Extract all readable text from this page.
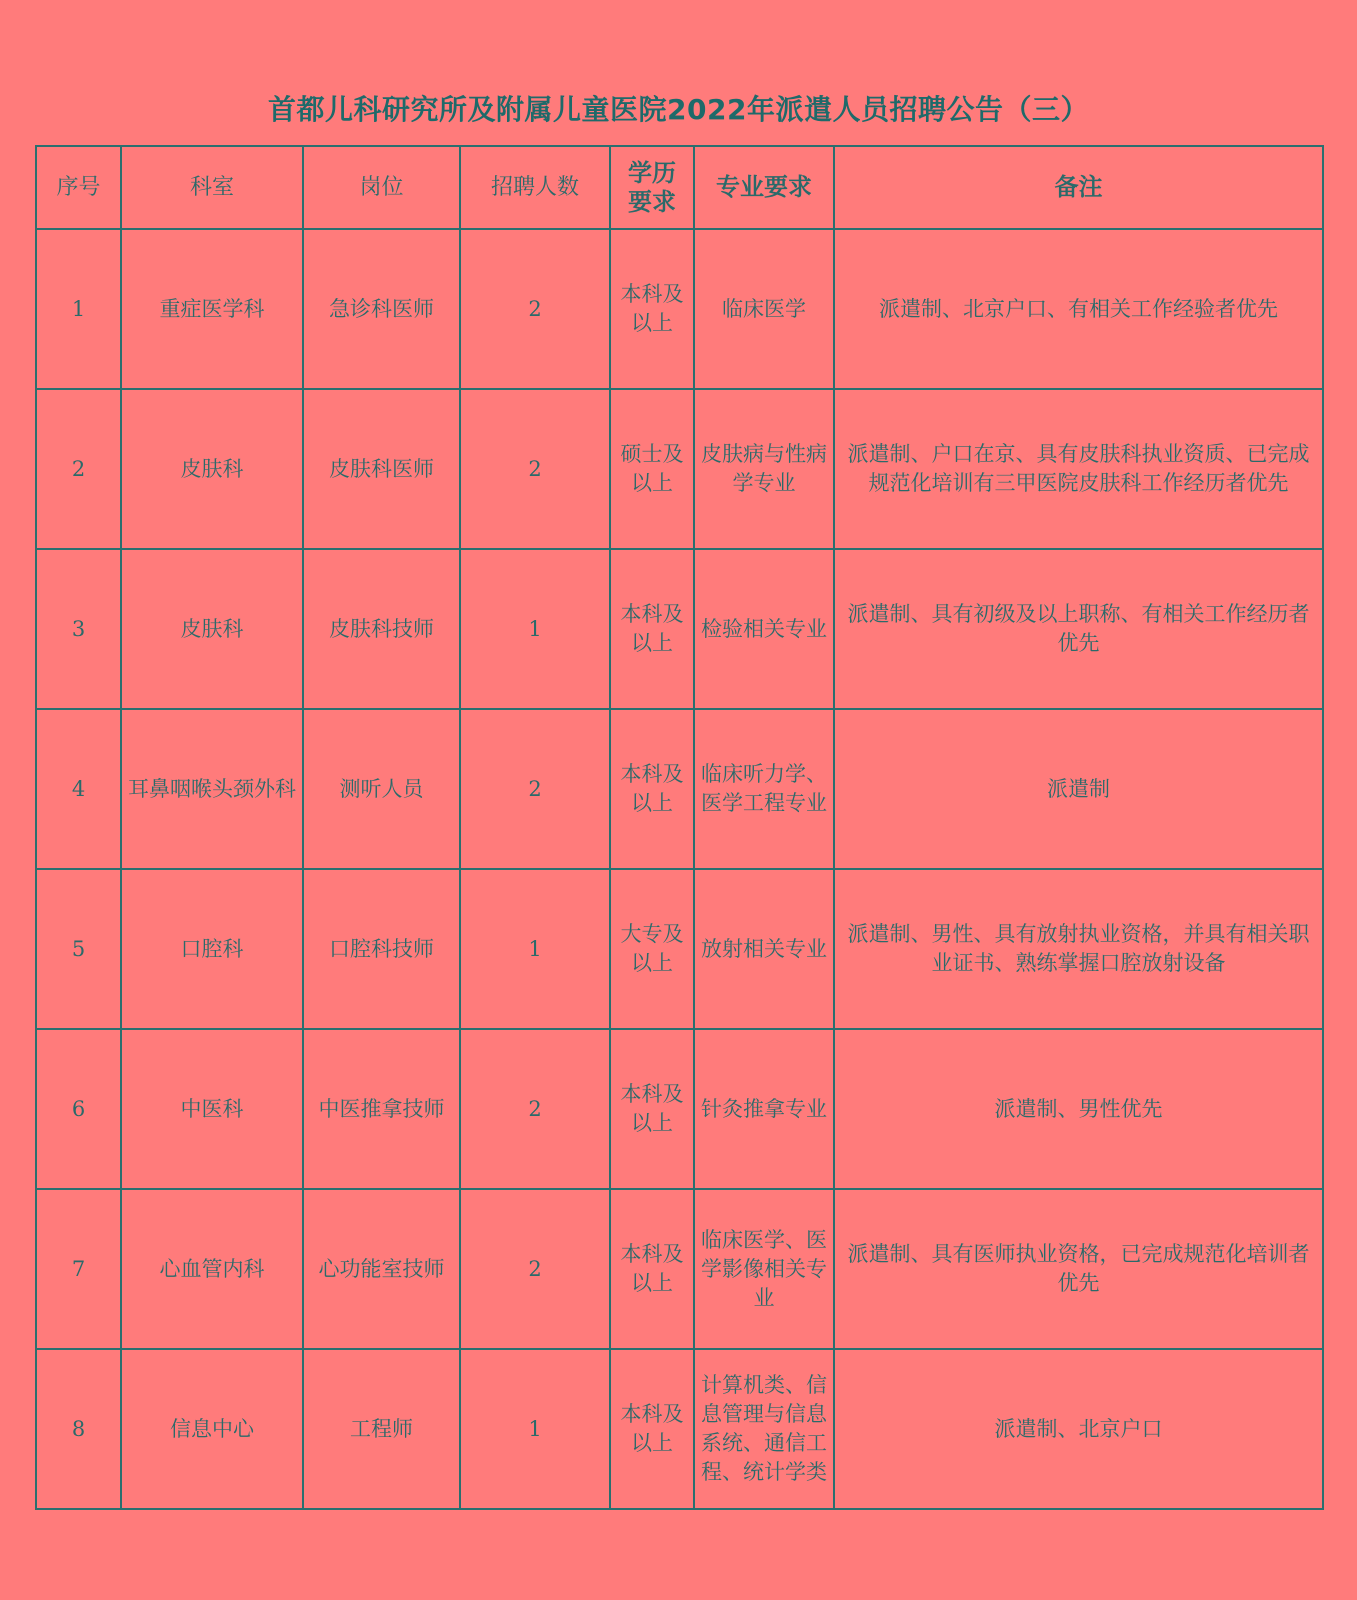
首都儿科研究所及附属儿童医院2022年派遣人员招聘公告（三）
序号	科室	岗位	招聘人数	学历要求	专业要求	备注
1	重症医学科	急诊科医师	2	本科及以上	临床医学	派遣制、北京户口、有相关工作经验者优先
2	皮肤科	皮肤科医师	2	硕士及以上	皮肤病与性病学专业	派遣制、户口在京、具有皮肤科执业资质、已完成规范化培训有三甲医院皮肤科工作经历者优先
3	皮肤科	皮肤科技师	1	本科及以上	检验相关专业	派遣制、具有初级及以上职称、有相关工作经历者优先
4	耳鼻咽喉头颈外科	测听人员	2	本科及以上	临床听力学、医学工程专业	派遣制
5	口腔科	口腔科技师	1	大专及以上	放射相关专业	派遣制、男性、具有放射执业资格，并具有相关职业证书、熟练掌握口腔放射设备
6	中医科	中医推拿技师	2	本科及以上	针灸推拿专业	派遣制、男性优先
7	心血管内科	心功能室技师	2	本科及以上	临床医学、医学影像相关专业	派遣制、具有医师执业资格，已完成规范化培训者优先
8	信息中心	工程师	1	本科及以上	计算机类、信息管理与信息系统、通信工程、统计学类	派遣制、北京户口
